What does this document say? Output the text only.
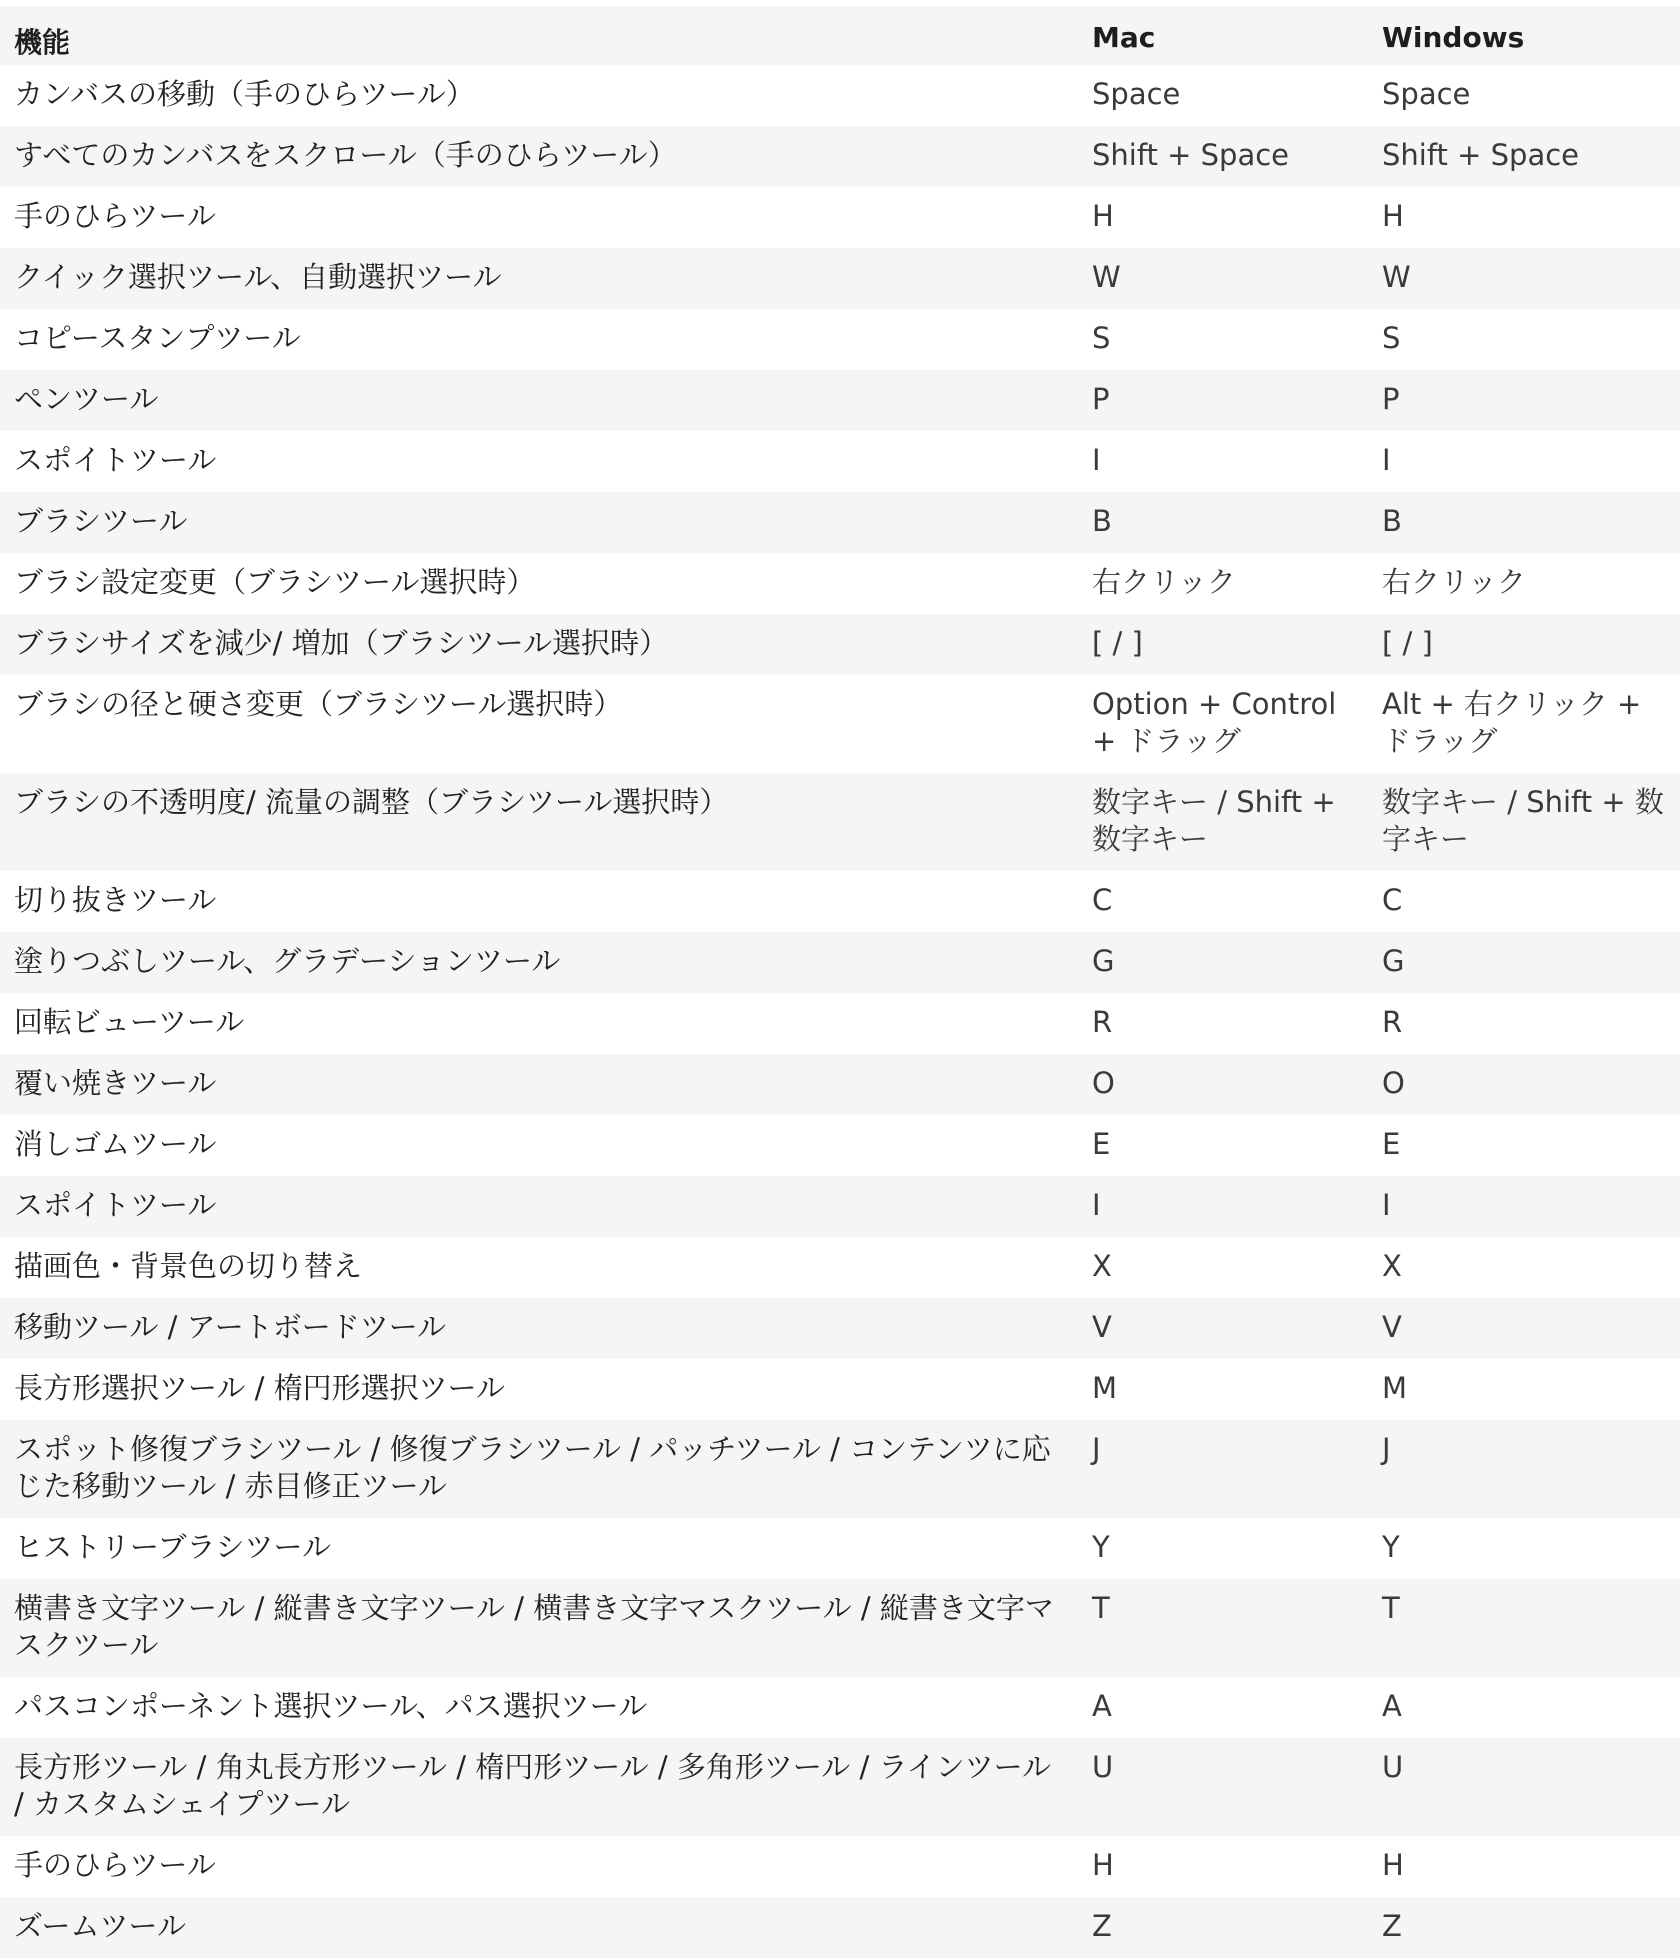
機能	Mac	Windows
カンバスの移動（手のひらツール）	Space	Space
すべてのカンバスをスクロール（手のひらツール）	Shift + Space	Shift + Space
手のひらツール	H	H
クイック選択ツール、自動選択ツール	W	W
コピースタンプツール	S	S
ペンツール	P	P
スポイトツール	I	I
ブラシツール	B	B
ブラシ設定変更（ブラシツール選択時）	右クリック	右クリック
ブラシサイズを減少/ 増加（ブラシツール選択時）	[ / ]	[ / ]
ブラシの径と硬さ変更（ブラシツール選択時）	Option + Control + ドラッグ	Alt + 右クリック + ドラッグ
ブラシの不透明度/ 流量の調整（ブラシツール選択時）	数字キー / Shift + 数字キー	数字キー / Shift + 数字キー
切り抜きツール	C	C
塗りつぶしツール、グラデーションツール	G	G
回転ビューツール	R	R
覆い焼きツール	O	O
消しゴムツール	E	E
スポイトツール	I	I
描画色・背景色の切り替え	X	X
移動ツール / アートボードツール	V	V
長方形選択ツール / 楕円形選択ツール	M	M
スポット修復ブラシツール / 修復ブラシツール / パッチツール / コンテンツに応じた移動ツール / 赤目修正ツール	J	J
ヒストリーブラシツール	Y	Y
横書き文字ツール / 縦書き文字ツール / 横書き文字マスクツール / 縦書き文字マスクツール	T	T
パスコンポーネント選択ツール、パス選択ツール	A	A
長方形ツール / 角丸長方形ツール / 楕円形ツール / 多角形ツール / ラインツール / カスタムシェイプツール	U	U
手のひらツール	H	H
ズームツール	Z	Z
